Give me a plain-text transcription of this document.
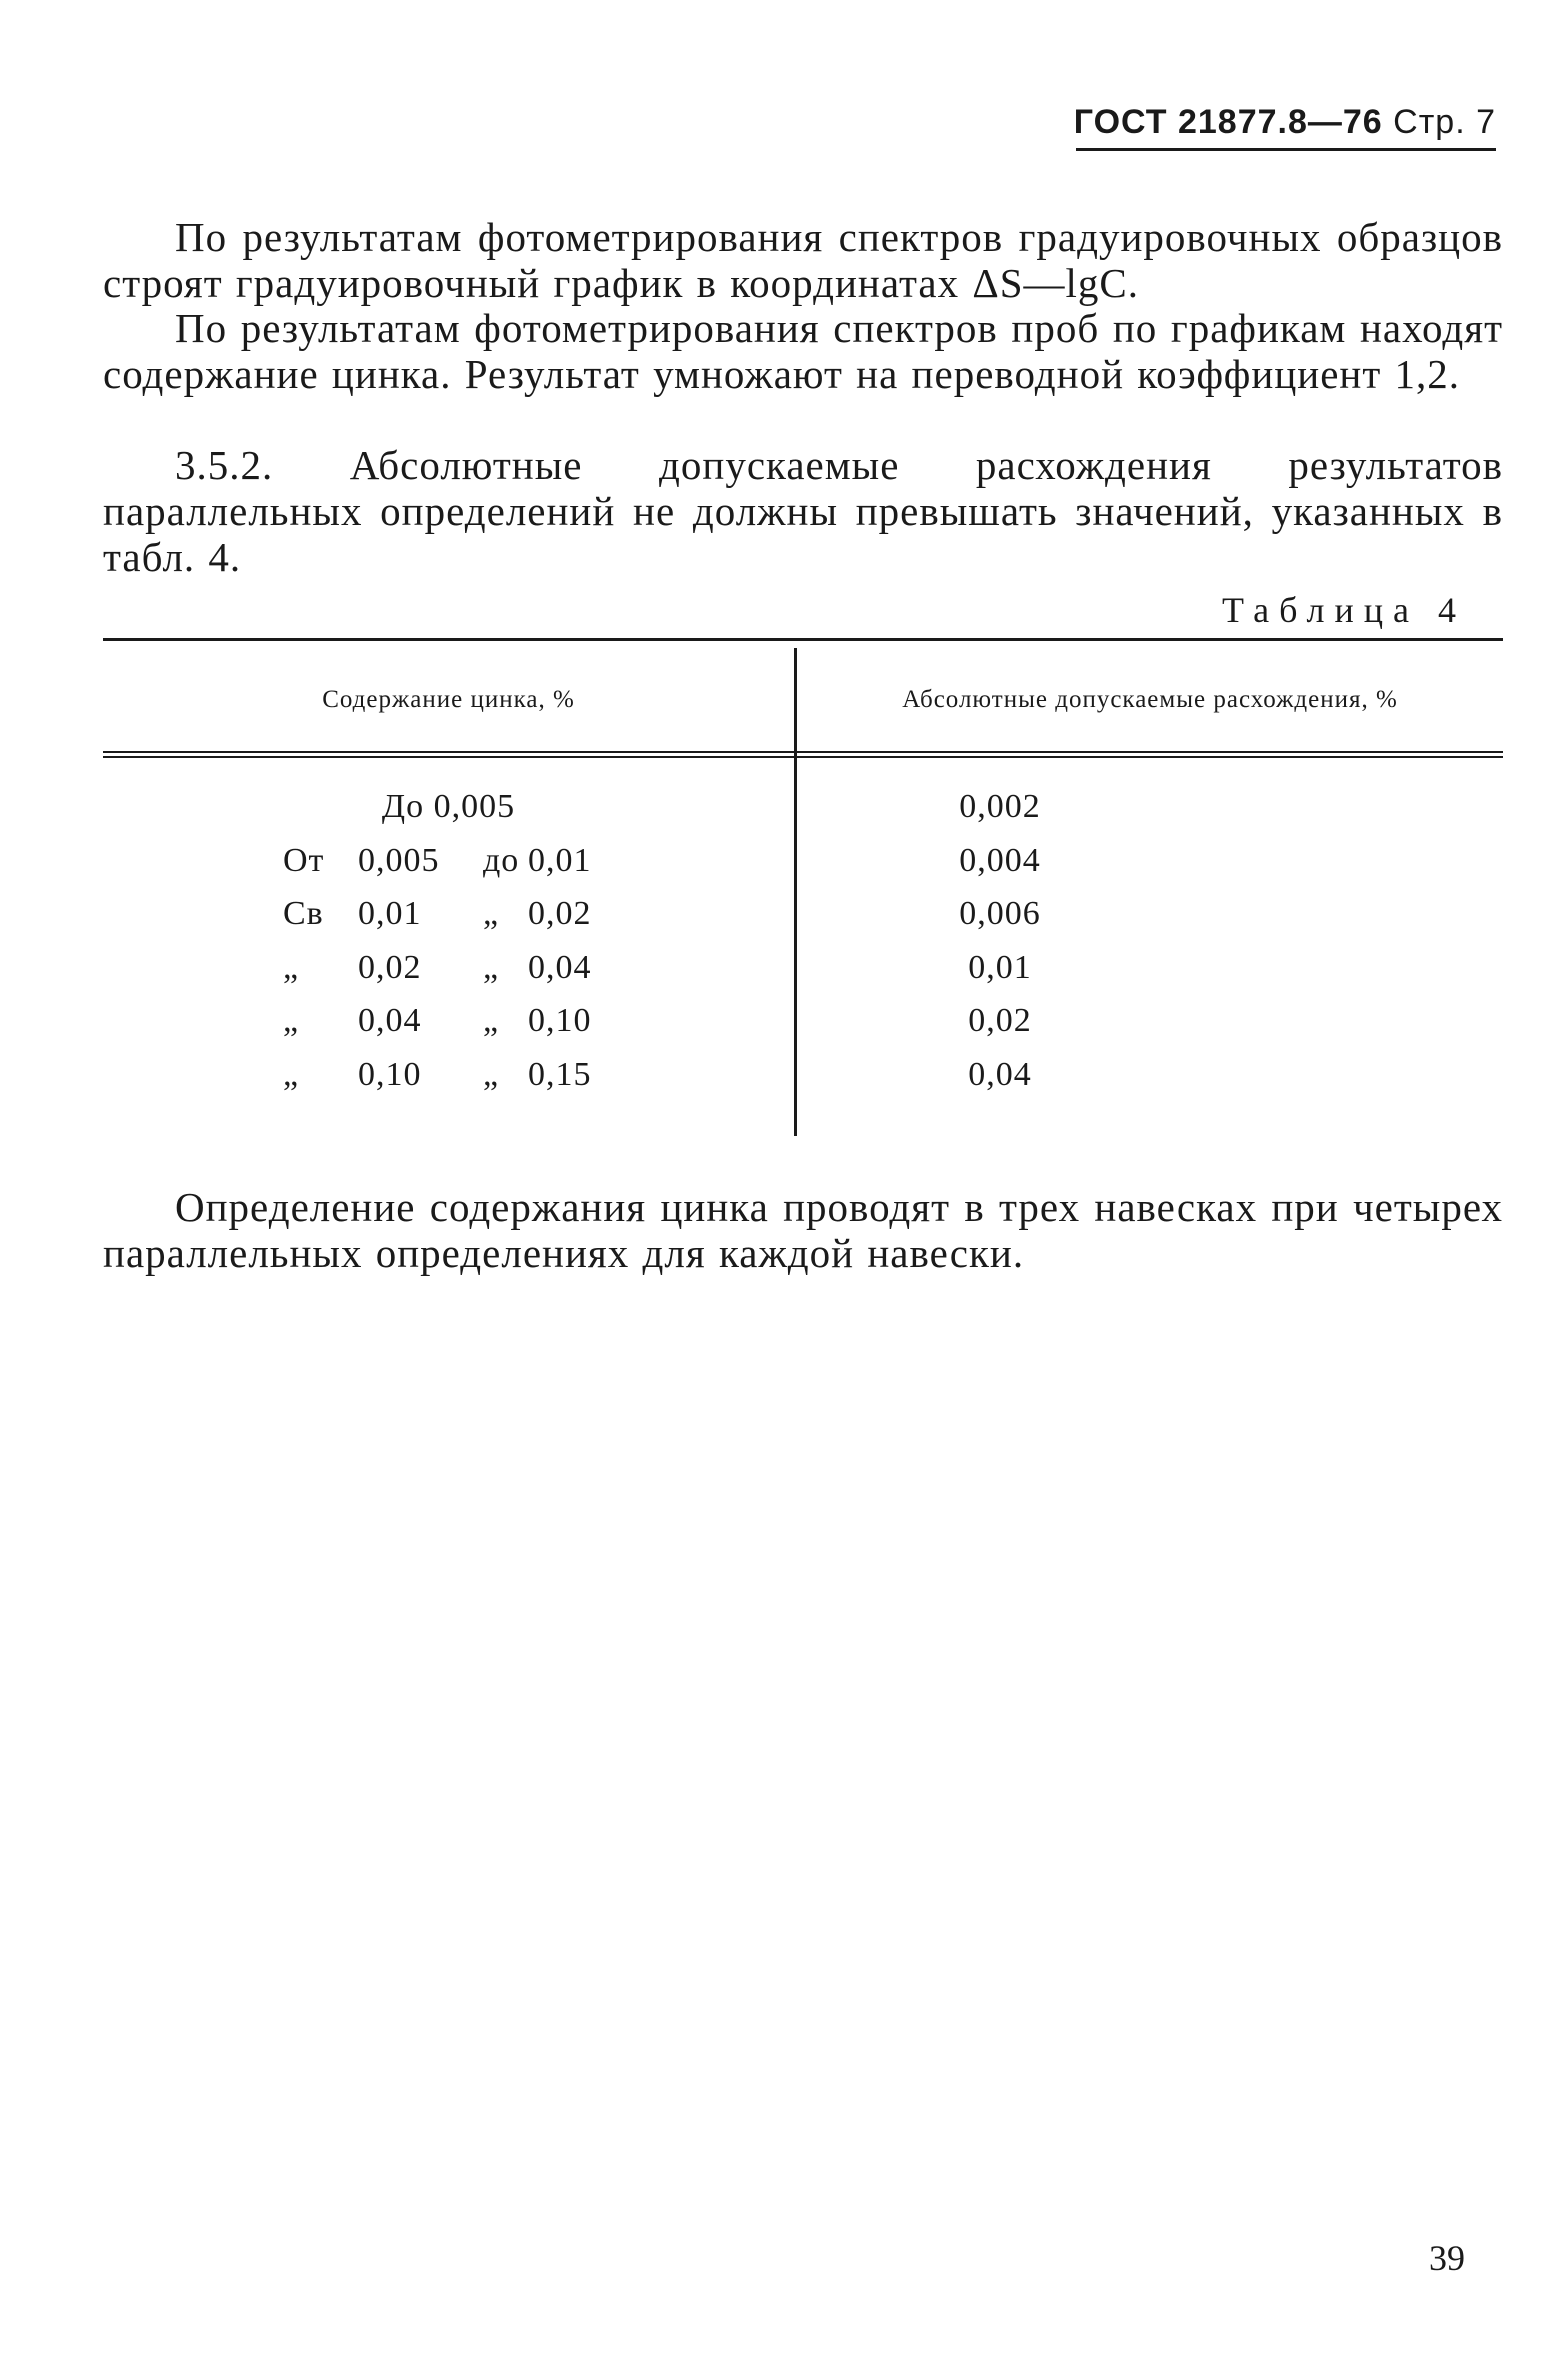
ГОСТ 21877.8—76 Стр. 7

По результатам фотометрирования спектров градуировочных образцов строят градуировочный график в координатах ΔS—lgC.

По результатам фотометрирования спектров проб по графикам находят содержание цинка. Результат умножают на переводной коэффициент 1,2.

3.5.2. Абсолютные допускаемые расхождения результатов параллельных определений не должны превышать значений, указанных в табл. 4.

Таблица 4
Содержание цинка, %	Абсолютные допускаемые расхождения, %
До 0,005	0,002
От 0,005 до 0,01	0,004
Св 0,01 „ 0,02	0,006
„ 0,02 „ 0,04	0,01
„ 0,04 „ 0,10	0,02
„ 0,10 „ 0,15	0,04

Определение содержания цинка проводят в трех навесках при четырех параллельных определениях для каждой навески.

39
